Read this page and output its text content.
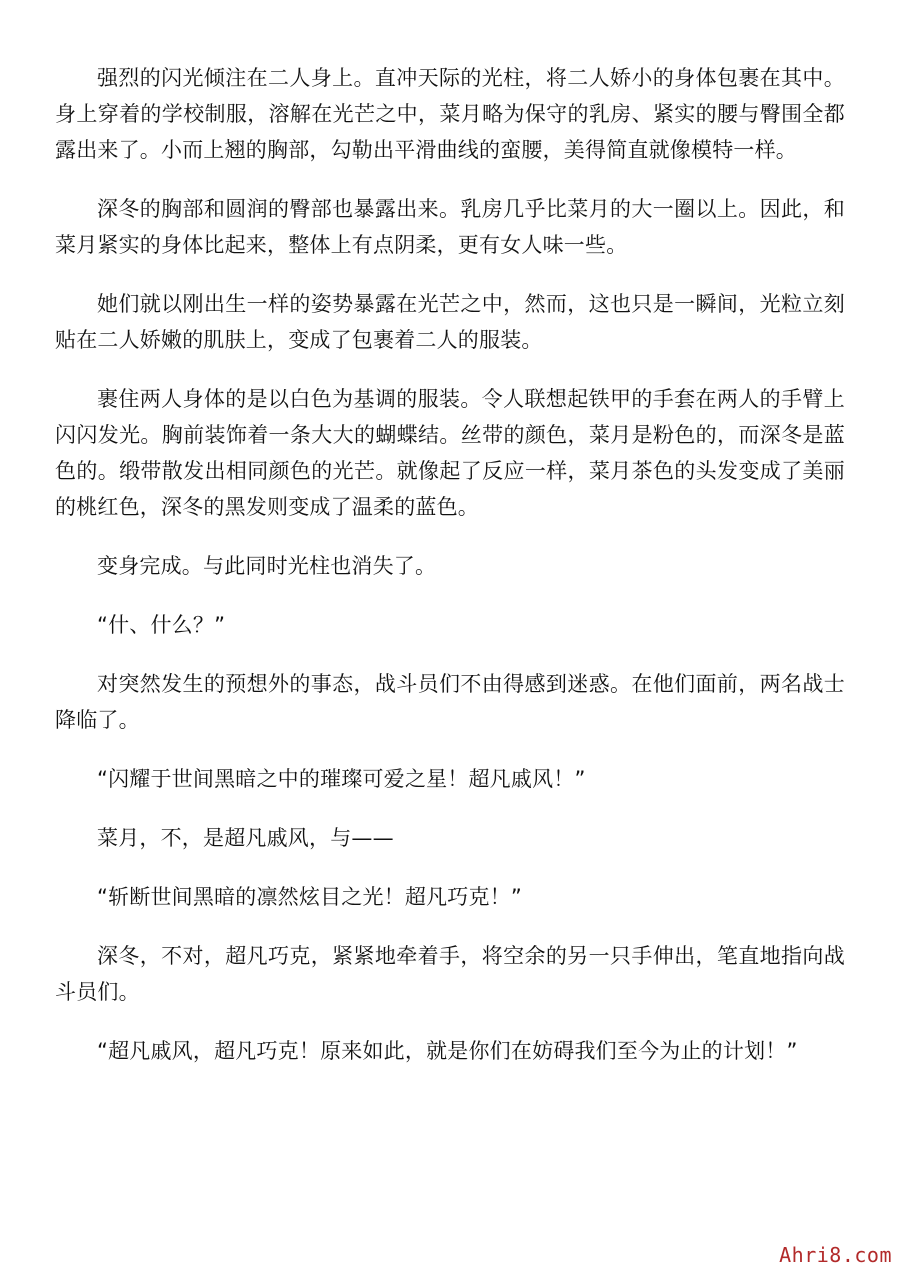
强烈的闪光倾注在二人身上。直冲天际的光柱，将二人娇小的身体包裹在其中。身上穿着的学校制服，溶解在光芒之中，菜月略为保守的乳房、紧实的腰与臀围全都露出来了。小而上翘的胸部，勾勒出平滑曲线的蛮腰，美得简直就像模特一样。

深冬的胸部和圆润的臀部也暴露出来。乳房几乎比菜月的大一圈以上。因此，和菜月紧实的身体比起来，整体上有点阴柔，更有女人味一些。

她们就以刚出生一样的姿势暴露在光芒之中，然而，这也只是一瞬间，光粒立刻贴在二人娇嫩的肌肤上，变成了包裹着二人的服装。

裹住两人身体的是以白色为基调的服装。令人联想起铁甲的手套在两人的手臂上闪闪发光。胸前装饰着一条大大的蝴蝶结。丝带的颜色，菜月是粉色的，而深冬是蓝色的。缎带散发出相同颜色的光芒。就像起了反应一样，菜月茶色的头发变成了美丽的桃红色，深冬的黑发则变成了温柔的蓝色。

变身完成。与此同时光柱也消失了。

“什、什么？”

对突然发生的预想外的事态，战斗员们不由得感到迷惑。在他们面前，两名战士降临了。

“闪耀于世间黑暗之中的璀璨可爱之星！超凡戚风！”

菜月，不，是超凡戚风，与——

“斩断世间黑暗的凛然炫目之光！超凡巧克！”

深冬，不对，超凡巧克，紧紧地牵着手，将空余的另一只手伸出，笔直地指向战斗员们。

“超凡戚风，超凡巧克！原来如此，就是你们在妨碍我们至今为止的计划！”

Ahri8.com
